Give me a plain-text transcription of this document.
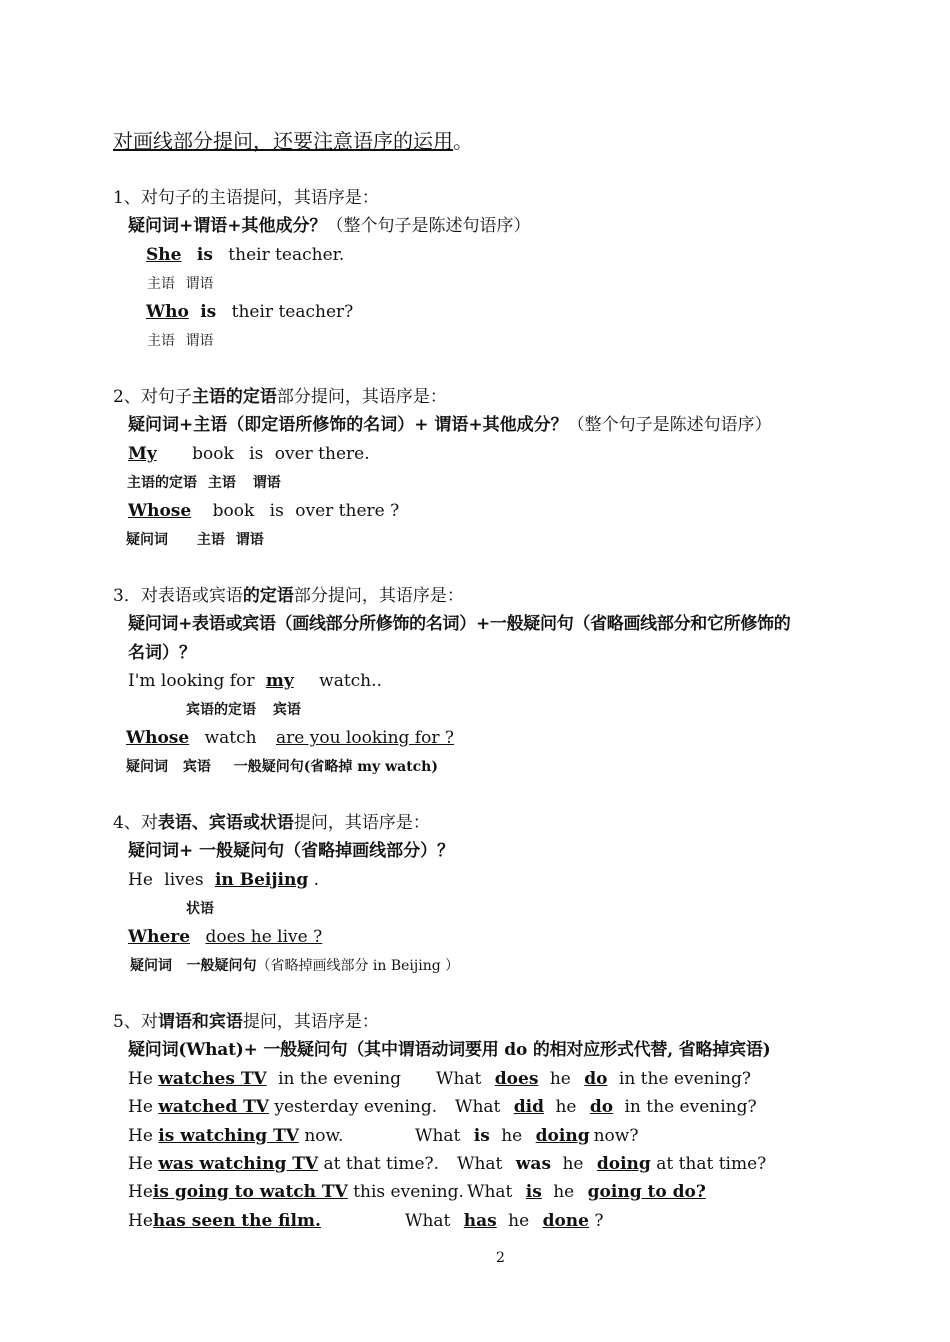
对画线部分提问，还要注意语序的运用。
1、对句子的主语提问，其语序是：
疑问词+谓语+其他成分？（整个句子是陈述句语序）
She is their teacher.
主语 谓语
Who is their teacher?
主语 谓语
2、对句子主语的定语部分提问，其语序是：
疑问词+主语（即定语所修饰的名词）+ 谓语+其他成分？（整个句子是陈述句语序）
My book is over there.
主语的定语 主语 谓语
Whose book is over there ?
疑问词 主语 谓语
3．对表语或宾语的定语部分提问，其语序是：
疑问词+表语或宾语（画线部分所修饰的名词）+一般疑问句（省略画线部分和它所修饰的
名词）？
I'm looking for my watch..
宾语的定语 宾语
Whose watch are you looking for ?
疑问词 宾语 一般疑问句(省略掉 my watch)
4、对表语、宾语或状语提问，其语序是：
疑问词+ 一般疑问句（省略掉画线部分）？
He lives in Beijing .
状语
Where does he live ?
疑问词 一般疑问句（省略掉画线部分 in Beijing ）
5、对谓语和宾语提问，其语序是：
疑问词(What)+ 一般疑问句（其中谓语动词要用 do 的相对应形式代替, 省略掉宾语)
He watches TV in the evening What does he do in the evening?
He watched TV yesterday evening. What did he do in the evening?
He is watching TV now.	What is he doing now?
He was watching TV at that time?. What was he doing at that time?
Heis going to watch TV this evening. What is he going to do?
Hehas seen the film.	What has he done ?
2
